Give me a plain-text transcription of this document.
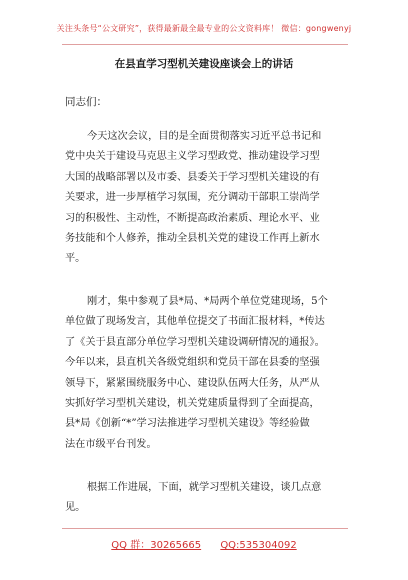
关注头条号“公文研究”，获得最新最全最专业的公文资料库！ 微信：gongwenyj
在县直学习型机关建设座谈会上的讲话
同志们：
今天这次会议，目的是全面贯彻落实习近平总书记和
党中央关于建设马克思主义学习型政党、推动建设学习型
大国的战略部署以及市委、县委关于学习型机关建设的有
关要求，进一步厚植学习氛围，充分调动干部职工崇尚学
习的积极性、主动性，不断提高政治素质、理论水平、业
务技能和个人修养，推动全县机关党的建设工作再上新水
平。
刚才，集中参观了县*局、*局两个单位党建现场，5个
单位做了现场发言，其他单位提交了书面汇报材料，*传达
了《关于县直部分单位学习型机关建设调研情况的通报》。
今年以来，县直机关各级党组织和党员干部在县委的坚强
领导下，紧紧围绕服务中心、建设队伍两大任务，从严从
实抓好学习型机关建设，机关党建质量得到了全面提高，
县*局《创新“*”学习法推进学习型机关建设》等经验做
法在市级平台刊发。
根据工作进展，下面，就学习型机关建设，谈几点意
见。
QQ 群：30265665 QQ:535304092
